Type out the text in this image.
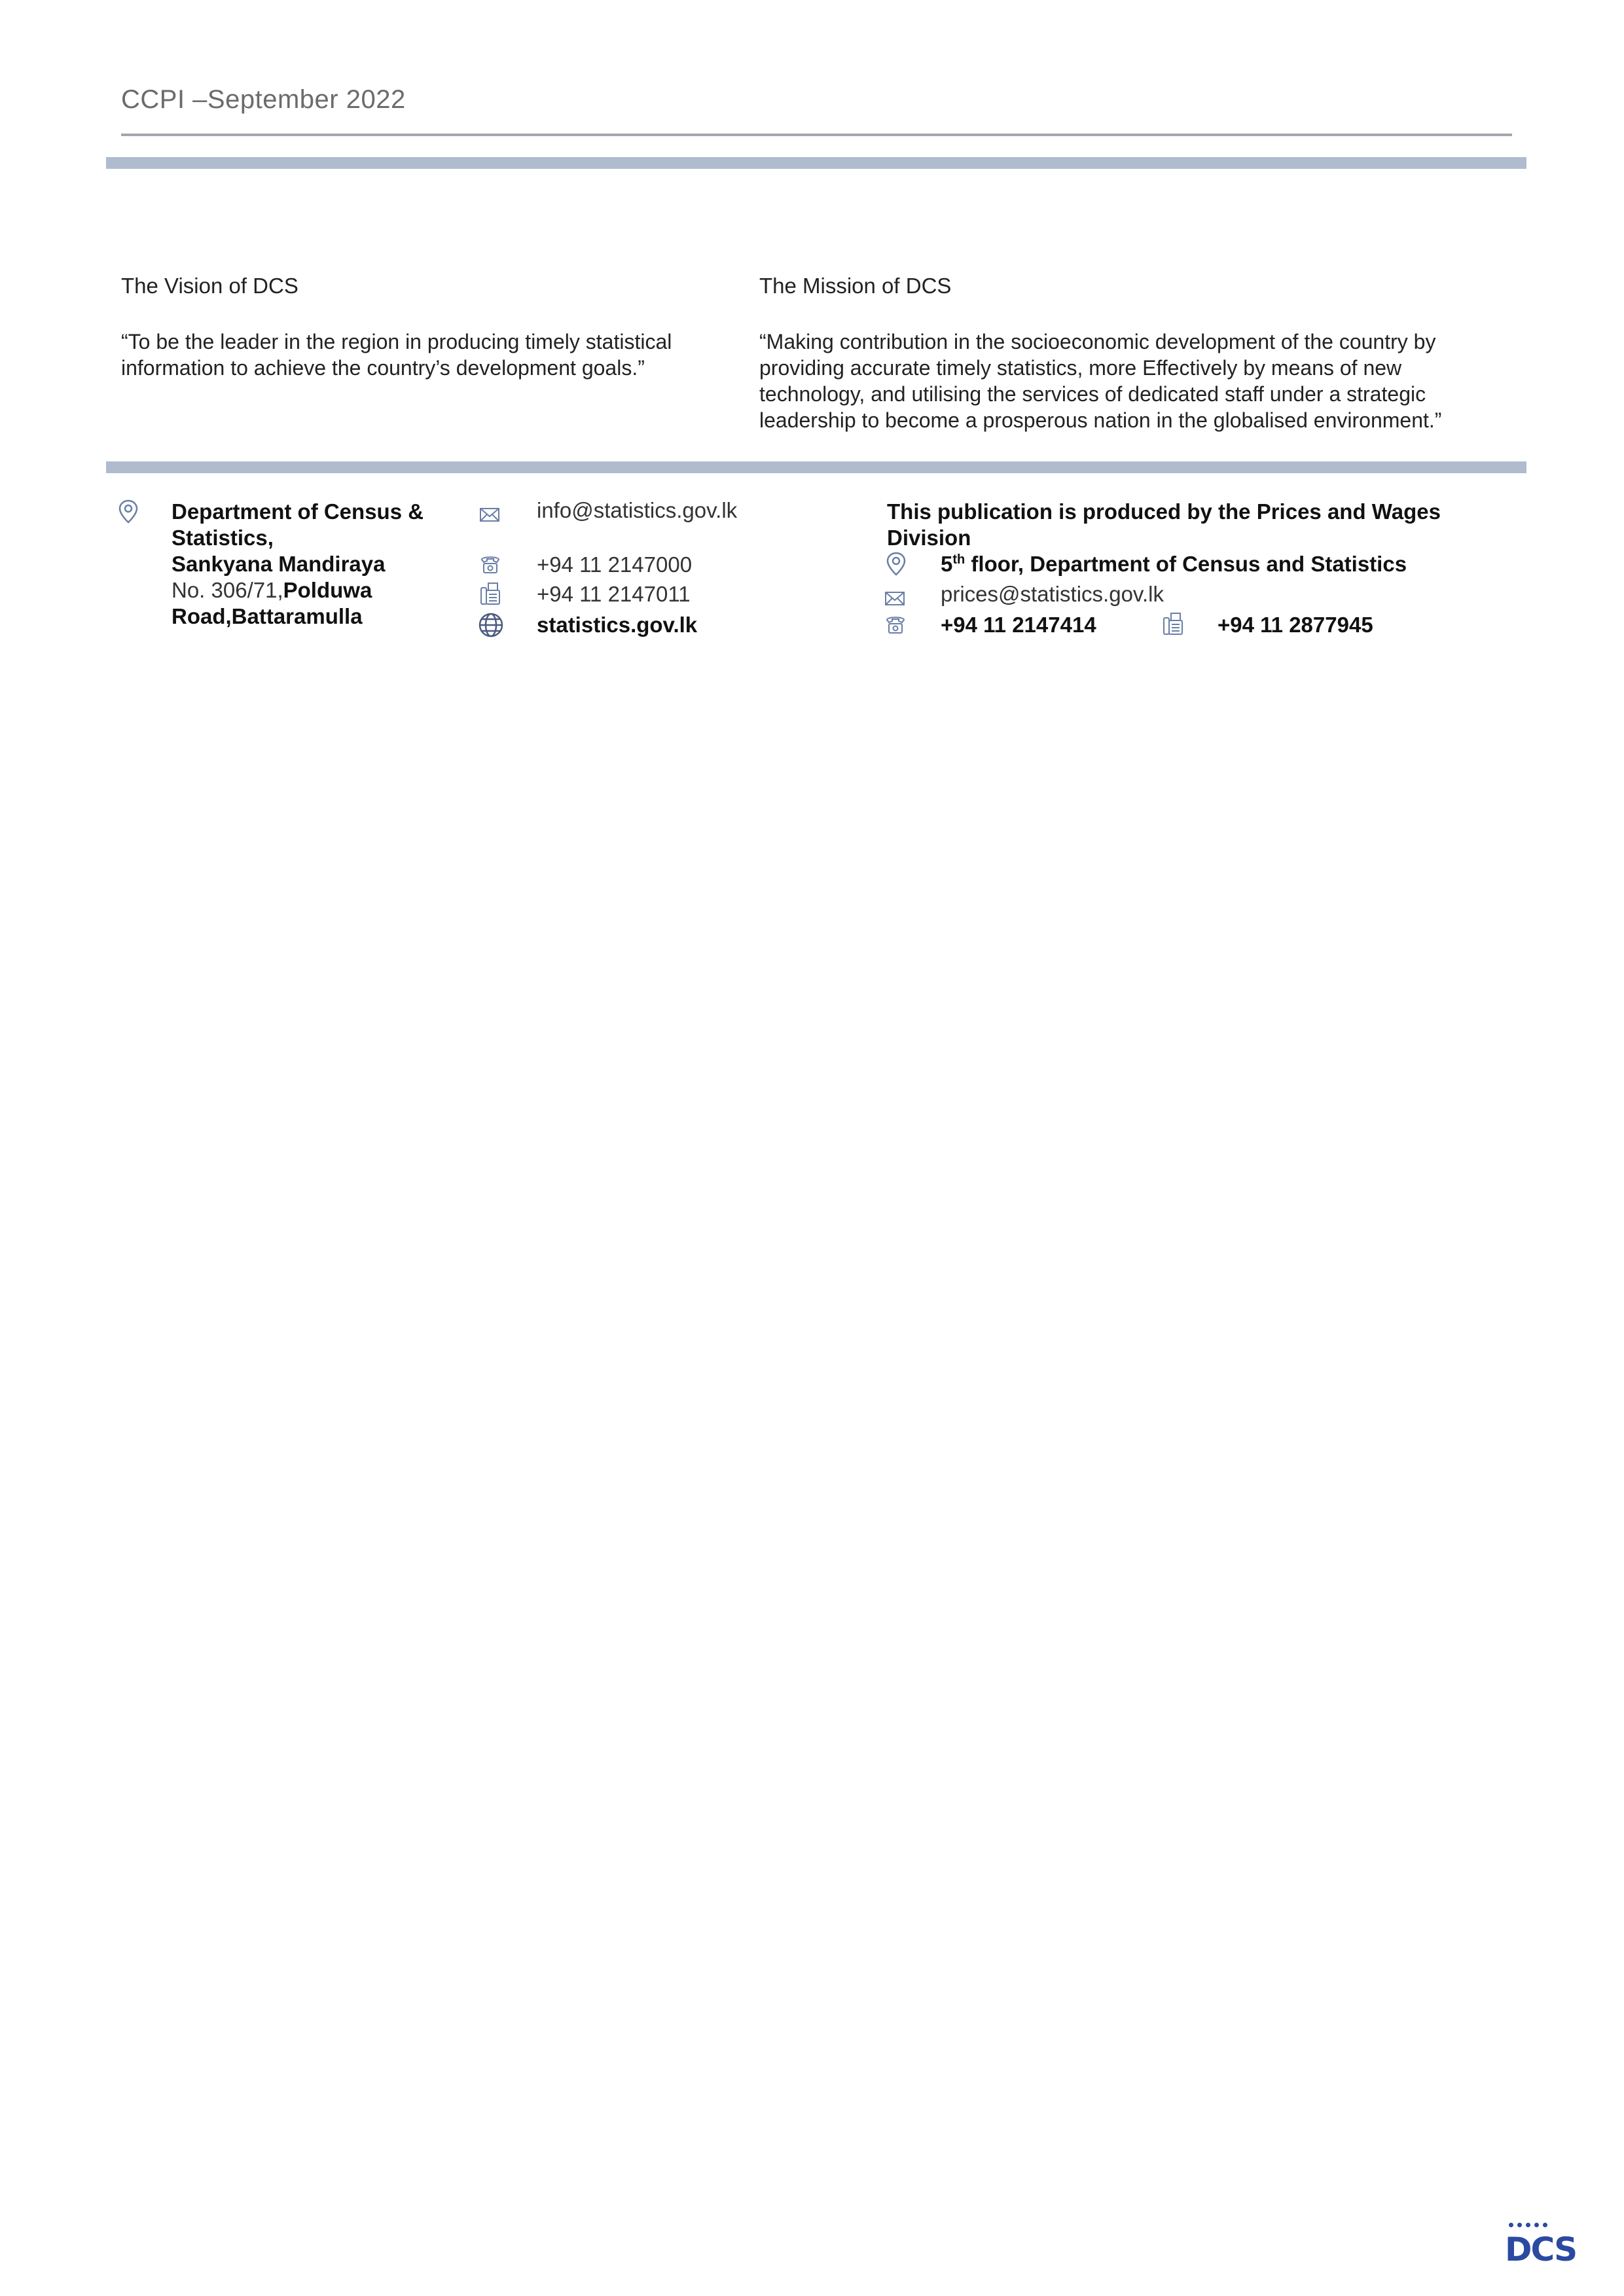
CCPI –September 2022
The Vision of DCS
“To be the leader in the region in producing timely statistical information to achieve the country’s development goals.”
The Mission of DCS
“Making contribution in the socioeconomic development of the country by providing accurate timely statistics, more Effectively by means of new technology, and utilising the services of dedicated staff under a strategic leadership to become a prosperous nation in the globalised environment.”
Department of Census &
Statistics,
Sankyana Mandiraya
No. 306/71,Polduwa
Road,Battaramulla
info@statistics.gov.lk
+94 11 2147000
+94 11 2147011
statistics.gov.lk
This publication is produced by the Prices and Wages
Division
5th floor, Department of Census and Statistics
prices@statistics.gov.lk
+94 11 2147414	+94 11 2877945
DCS
